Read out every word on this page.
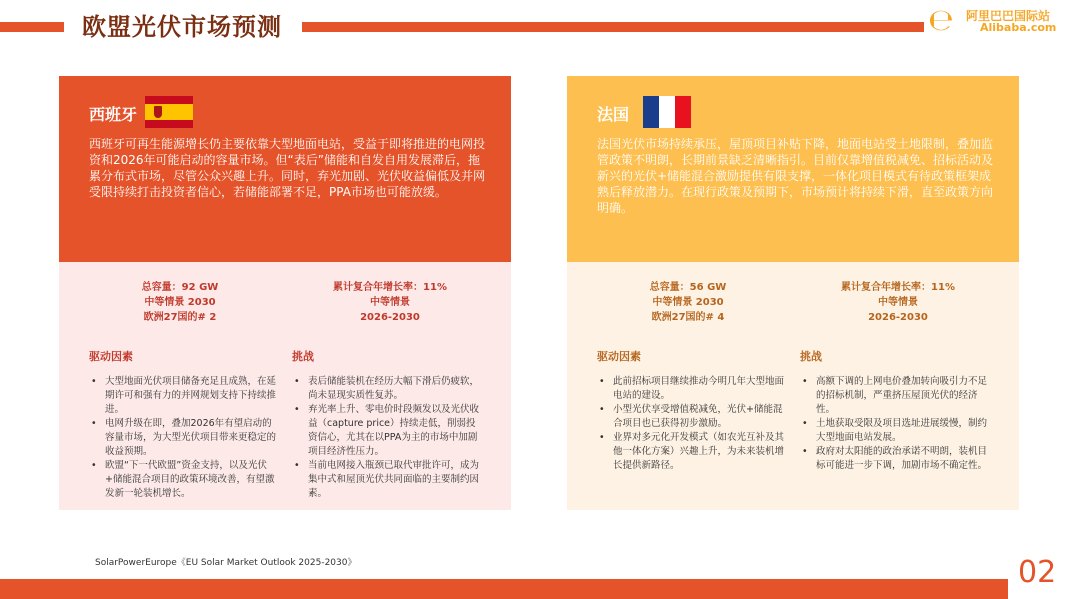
欧盟光伏市场预测	℮ 阿里巴巴国际站
Alibaba.com
西班牙
西班牙可再生能源增长仍主要依靠大型地面电站，受益于即将推进的电网投资和2026年可能启动的容量市场。但“表后”储能和自发自用发展滞后，拖累分布式市场，尽管公众兴趣上升。同时，弃光加剧、光伏收益偏低及并网受限持续打击投资者信心，若储能部署不足，PPA市场也可能放缓。
总容量：92 GW
中等情景 2030
欧洲27国的# 2
累计复合年增长率：11%
中等情景
2026-2030
驱动因素	挑战
• 大型地面光伏项目储备充足且成熟，在延期许可和强有力的并网规划支持下持续推进。
• 电网升级在即，叠加2026年有望启动的容量市场，为大型光伏项目带来更稳定的收益预期。
• 欧盟“下一代欧盟”资金支持，以及光伏+储能混合项目的政策环境改善，有望激发新一轮装机增长。
• 表后储能装机在经历大幅下滑后仍疲软，尚未显现实质性复苏。
• 弃光率上升、零电价时段频发以及光伏收益（capture price）持续走低，削弱投资信心，尤其在以PPA为主的市场中加剧项目经济性压力。
• 当前电网接入瓶颈已取代审批许可，成为集中式和屋顶光伏共同面临的主要制约因素。
法国
法国光伏市场持续承压，屋顶项目补贴下降，地面电站受土地限制，叠加监管政策不明朗，长期前景缺乏清晰指引。目前仅靠增值税减免、招标活动及新兴的光伏+储能混合激励提供有限支撑，一体化项目模式有待政策框架成熟后释放潜力。在现行政策及预期下，市场预计将持续下滑，直至政策方向明确。
总容量：56 GW
中等情景 2030
欧洲27国的# 4
累计复合年增长率：11%
中等情景
2026-2030
驱动因素	挑战
• 此前招标项目继续推动今明几年大型地面电站的建设。
• 小型光伏享受增值税减免，光伏+储能混合项目也已获得初步激励。
• 业界对多元化开发模式（如农光互补及其他一体化方案）兴趣上升，为未来装机增长提供新路径。
• 高额下调的上网电价叠加转向吸引力不足的招标机制，严重挤压屋顶光伏的经济性。
• 土地获取受限及项目选址进展缓慢，制约大型地面电站发展。
• 政府对太阳能的政治承诺不明朗，装机目标可能进一步下调，加剧市场不确定性。
SolarPowerEurope《EU Solar Market Outlook 2025-2030》	02
